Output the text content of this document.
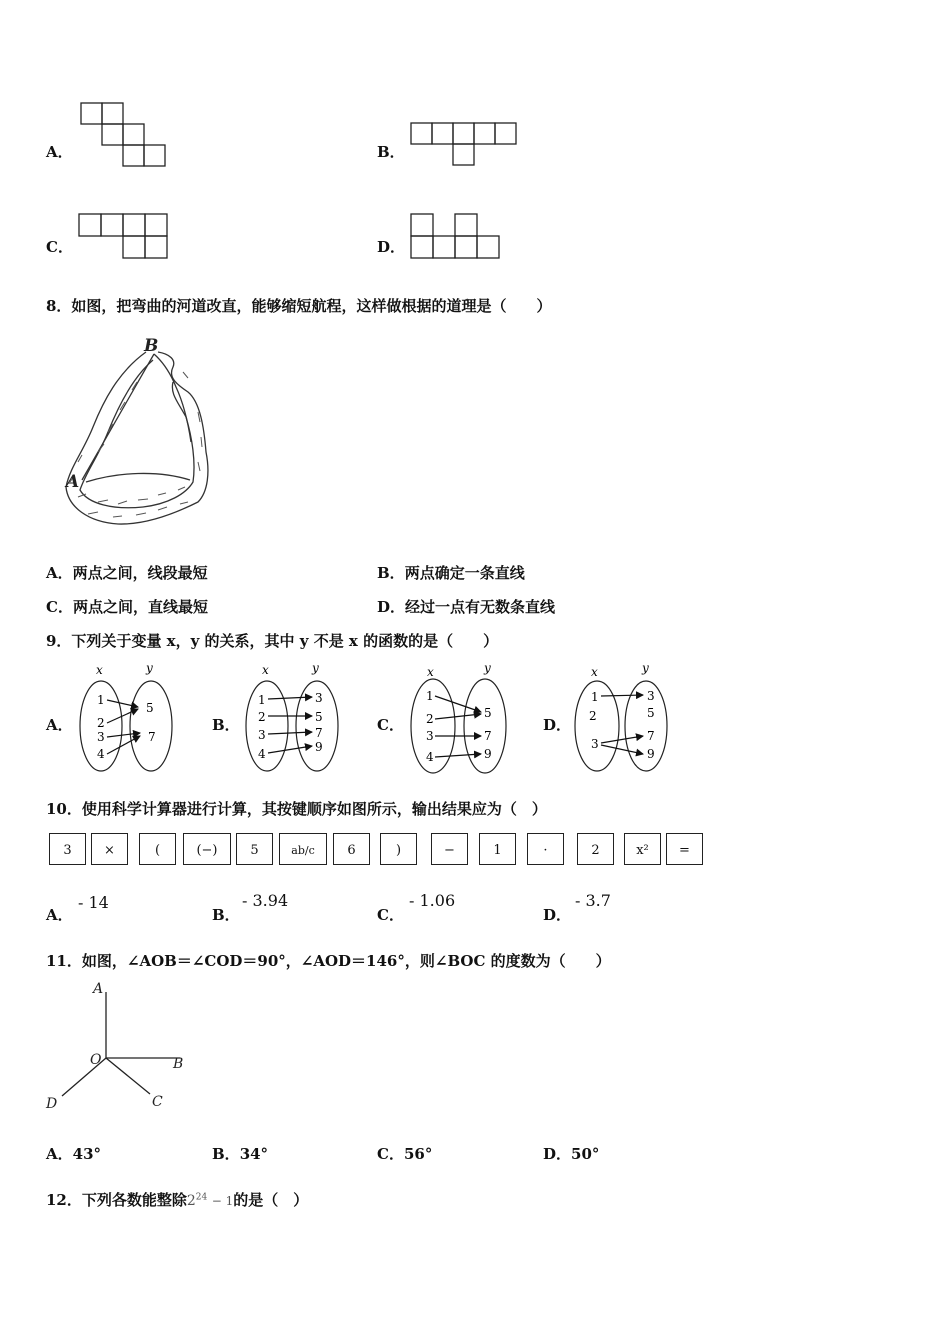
A．	B．
C．	D．
8．如图，把弯曲的河道改直，能够缩短航程，这样做根据的道理是（　　）
B
A
A．两点之间，线段最短	B．两点确定一条直线
C．两点之间，直线最短	D．经过一点有无数条直线
9．下列关于变量 x，y 的关系，其中 y 不是 x 的函数的是（　　）
A．
x	y
1
2
3
4
5
7
B．
x	y
1
2
3
4
3
5
7
9
C．
x	y
1
2
3
4
5
7
9
D．
x	y
1
2
3
3
5
7
9
10．使用科学计算器进行计算，其按键顺序如图所示，输出结果应为（　）
3	×	(	(−)	5	ab/c	6	)	−	1	·	2	x²	=
A．
- 14
B．
- 3.94
C．
- 1.06
D．
- 3.7
11．如图，∠AOB＝∠COD＝90°，∠AOD＝146°，则∠BOC 的度数为（　　）
A
O	B
C
D
A．43°	B．34°	C．56°	D．50°
12．下列各数能整除$2^{24} - 1$的是（　）
